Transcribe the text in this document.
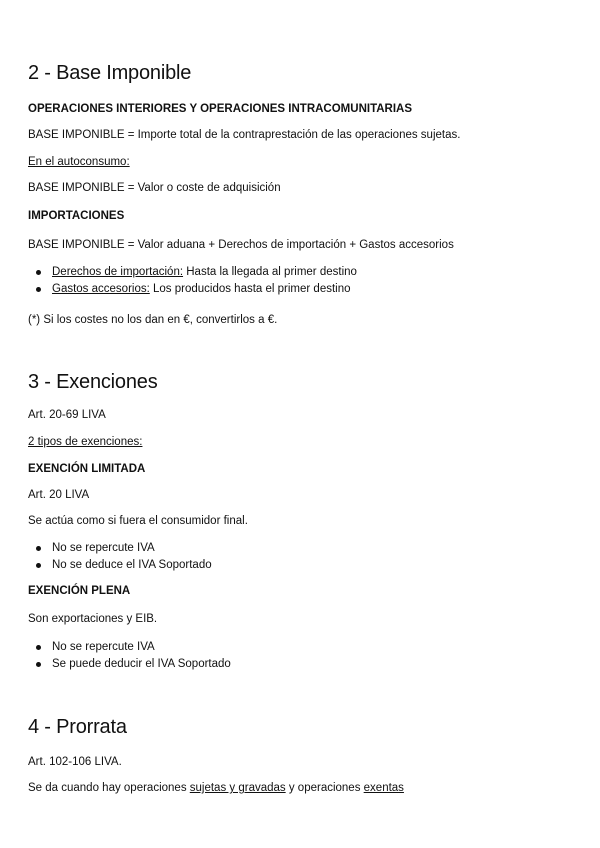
2 - Base Imponible
OPERACIONES INTERIORES Y OPERACIONES INTRACOMUNITARIAS
BASE IMPONIBLE = Importe total de la contraprestación de las operaciones sujetas.
En el autoconsumo:
BASE IMPONIBLE = Valor o coste de adquisición
IMPORTACIONES
BASE IMPONIBLE = Valor aduana + Derechos de importación + Gastos accesorios
Derechos de importación: Hasta la llegada al primer destino
Gastos accesorios: Los producidos hasta el primer destino
(*) Si los costes no los dan en €, convertirlos a €.
3 - Exenciones
Art. 20-69 LIVA
2 tipos de exenciones:
EXENCIÓN LIMITADA
Art. 20 LIVA
Se actúa como si fuera el consumidor final.
No se repercute IVA
No se deduce el IVA Soportado
EXENCIÓN PLENA
Son exportaciones y EIB.
No se repercute IVA
Se puede deducir el IVA Soportado
4 - Prorrata
Art. 102-106 LIVA.
Se da cuando hay operaciones sujetas y gravadas y operaciones exentas
